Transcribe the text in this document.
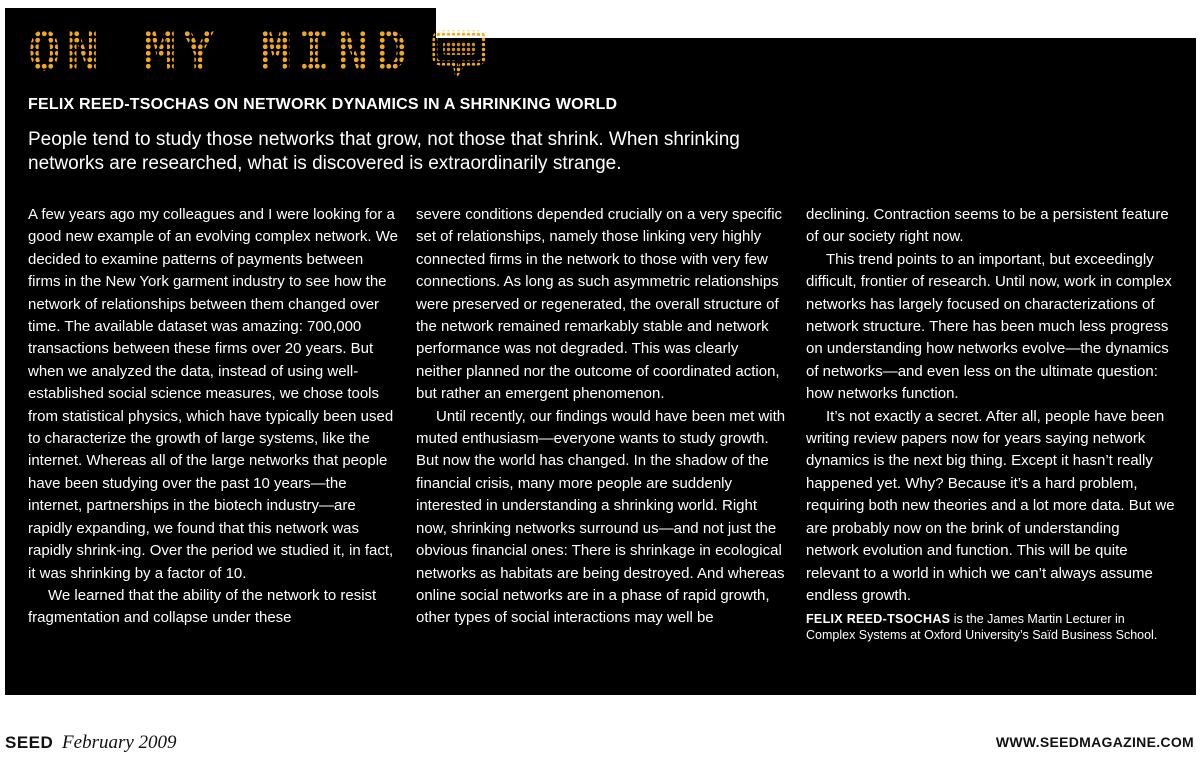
ON MY MIND
FELIX REED-TSOCHAS ON NETWORK DYNAMICS IN A SHRINKING WORLD
People tend to study those networks that grow, not those that shrink. When shrinking networks are researched, what is discovered is extraordinarily strange.

A few years ago my colleagues and I were looking for a good new example of an evolving complex network. We decided to examine patterns of payments between firms in the New York garment industry to see how the network of relationships between them changed over time. The available dataset was amazing: 700,000 transactions between these firms over 20 years. But when we analyzed the data, instead of using well-established social science measures, we chose tools from statistical physics, which have typically been used to characterize the growth of large systems, like the internet. Whereas all of the large networks that people have been studying over the past 10 years—the internet, partnerships in the biotech industry—are rapidly expanding, we found that this network was rapidly shrink-ing. Over the period we studied it, in fact, it was shrinking by a factor of 10.

We learned that the ability of the network to resist fragmentation and collapse under these

severe conditions depended crucially on a very specific set of relationships, namely those linking very highly connected firms in the network to those with very few connections. As long as such asymmetric relationships were preserved or regenerated, the overall structure of the network remained remarkably stable and network performance was not degraded. This was clearly neither planned nor the outcome of coordinated action, but rather an emergent phenomenon.

Until recently, our findings would have been met with muted enthusiasm—everyone wants to study growth. But now the world has changed. In the shadow of the financial crisis, many more people are suddenly interested in understanding a shrinking world. Right now, shrinking networks surround us—and not just the obvious financial ones: There is shrinkage in ecological networks as habitats are being destroyed. And whereas online social networks are in a phase of rapid growth, other types of social interactions may well be

declining. Contraction seems to be a persistent feature of our society right now.

This trend points to an important, but exceedingly difficult, frontier of research. Until now, work in complex networks has largely focused on characterizations of network structure. There has been much less progress on understanding how networks evolve—the dynamics of networks—and even less on the ultimate question: how networks function.

It’s not exactly a secret. After all, people have been writing review papers now for years saying network dynamics is the next big thing. Except it hasn’t really happened yet. Why? Because it’s a hard problem, requiring both new theories and a lot more data. But we are probably now on the brink of understanding network evolution and function. This will be quite relevant to a world in which we can’t always assume endless growth.

FELIX REED-TSOCHAS is the James Martin Lecturer in Complex Systems at Oxford University’s Saïd Business School.

SEED February 2009	WWW.SEEDMAGAZINE.COM
